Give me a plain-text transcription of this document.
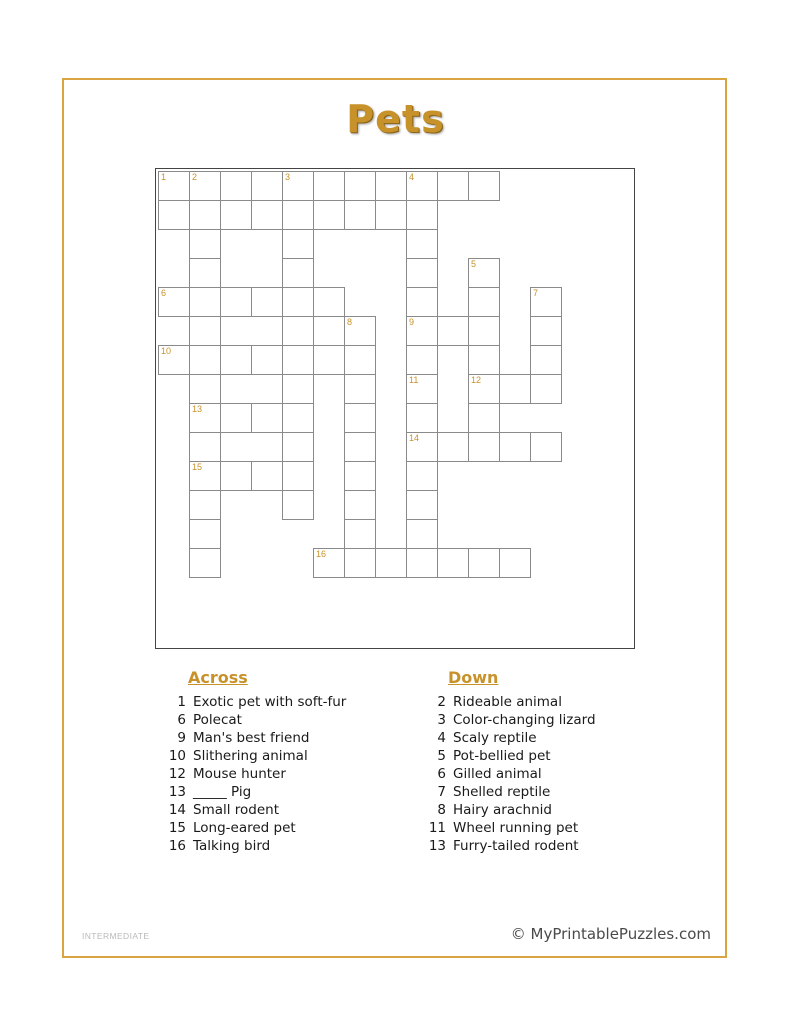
Pets
1	2	3	4
5
6	7
8	9
10
11	12
13
14
15
16
Across
1 Exotic pet with soft-fur
6 Polecat
9 Man's best friend
10 Slithering animal
12 Mouse hunter
13 _____ Pig
14 Small rodent
15 Long-eared pet
16 Talking bird
Down
2 Rideable animal
3 Color-changing lizard
4 Scaly reptile
5 Pot-bellied pet
6 Gilled animal
7 Shelled reptile
8 Hairy arachnid
11 Wheel running pet
13 Furry-tailed rodent
INTERMEDIATE	© MyPrintablePuzzles.com
